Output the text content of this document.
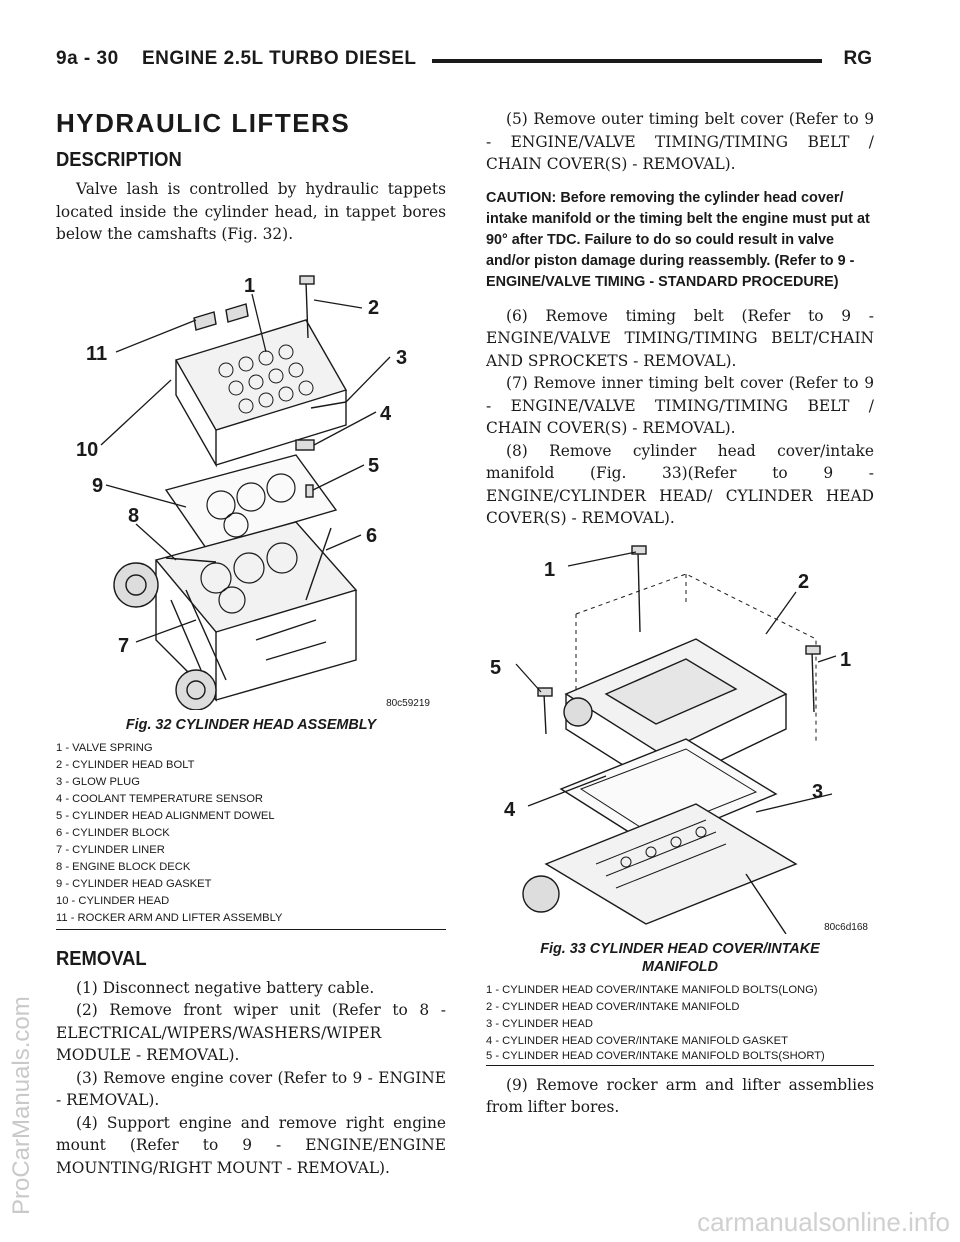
9a - 30 ENGINE 2.5L TURBO DIESEL	RG
HYDRAULIC LIFTERS
DESCRIPTION

Valve lash is controlled by hydraulic tappets located inside the cylinder head, in tappet bores below the camshafts (Fig. 32).

1
2
3
4
5
6
7
8
9
10
11
80c59219
Fig. 32 CYLINDER HEAD ASSEMBLY
1 - VALVE SPRING
2 - CYLINDER HEAD BOLT
3 - GLOW PLUG
4 - COOLANT TEMPERATURE SENSOR
5 - CYLINDER HEAD ALIGNMENT DOWEL
6 - CYLINDER BLOCK
7 - CYLINDER LINER
8 - ENGINE BLOCK DECK
9 - CYLINDER HEAD GASKET
10 - CYLINDER HEAD
11 - ROCKER ARM AND LIFTER ASSEMBLY
REMOVAL

(1) Disconnect negative battery cable.

(2) Remove front wiper unit (Refer to 8 - ELECTRICAL/WIPERS/WASHERS/WIPER MODULE - REMOVAL).

(3) Remove engine cover (Refer to 9 - ENGINE - REMOVAL).

(4) Support engine and remove right engine mount (Refer to 9 - ENGINE/ENGINE MOUNTING/RIGHT MOUNT - REMOVAL).

(5) Remove outer timing belt cover (Refer to 9 - ENGINE/VALVE TIMING/TIMING BELT / CHAIN COVER(S) - REMOVAL).

CAUTION: Before removing the cylinder head cover/ intake manifold or the timing belt the engine must put at 90° after TDC. Failure to do so could result in valve and/or piston damage during reassembly. (Refer to 9 - ENGINE/VALVE TIMING - STANDARD PROCEDURE)

(6) Remove timing belt (Refer to 9 - ENGINE/VALVE TIMING/TIMING BELT/CHAIN AND SPROCKETS - REMOVAL).

(7) Remove inner timing belt cover (Refer to 9 - ENGINE/VALVE TIMING/TIMING BELT / CHAIN COVER(S) - REMOVAL).

(8) Remove cylinder head cover/intake manifold (Fig. 33)(Refer to 9 - ENGINE/CYLINDER HEAD/ CYLINDER HEAD COVER(S) - REMOVAL).

1
2
1
3
4
5
80c6d168
Fig. 33 CYLINDER HEAD COVER/INTAKE MANIFOLD
1 - CYLINDER HEAD COVER/INTAKE MANIFOLD BOLTS(LONG)
2 - CYLINDER HEAD COVER/INTAKE MANIFOLD
3 - CYLINDER HEAD
4 - CYLINDER HEAD COVER/INTAKE MANIFOLD GASKET
5 - CYLINDER HEAD COVER/INTAKE MANIFOLD BOLTS(SHORT)

(9) Remove rocker arm and lifter assemblies from lifter bores.

ProCarManuals.com
carmanualsonline.info
